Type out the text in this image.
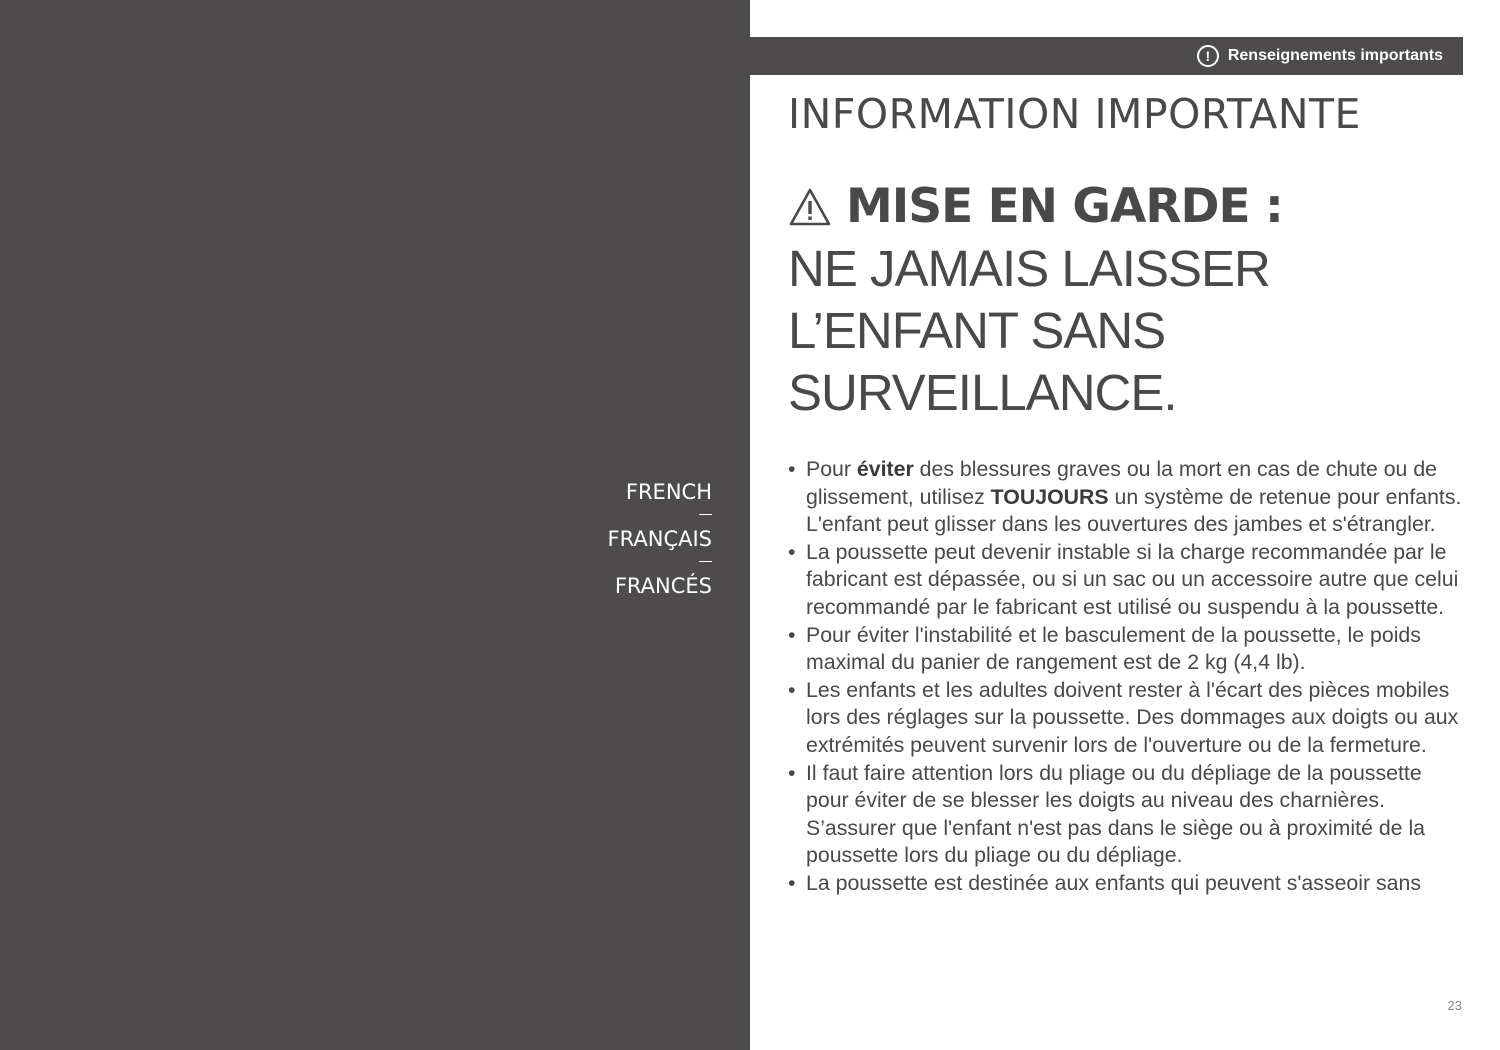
FRENCH
FRANÇAIS
FRANCÉS
!	Renseignements importants
INFORMATION IMPORTANTE
MISE EN GARDE :
NE JAMAIS LAISSER
L’ENFANT SANS
SURVEILLANCE.
• Pour éviter des blessures graves ou la mort en cas de chute ou de glissement, utilisez TOUJOURS un système de retenue pour enfants. L'enfant peut glisser dans les ouvertures des jambes et s'étrangler.
• La poussette peut devenir instable si la charge recommandée par le fabricant est dépassée, ou si un sac ou un accessoire autre que celui recommandé par le fabricant est utilisé ou suspendu à la poussette.
• Pour éviter l'instabilité et le basculement de la poussette, le poids maximal du panier de rangement est de 2 kg (4,4 lb).
• Les enfants et les adultes doivent rester à l'écart des pièces mobiles lors des réglages sur la poussette. Des dommages aux doigts ou aux extrémités peuvent survenir lors de l'ouverture ou de la fermeture.
• Il faut faire attention lors du pliage ou du dépliage de la poussette pour éviter de se blesser les doigts au niveau des charnières. S’assurer que l'enfant n'est pas dans le siège ou à proximité de la poussette lors du pliage ou du dépliage.
• La poussette est destinée aux enfants qui peuvent s'asseoir sans
23
